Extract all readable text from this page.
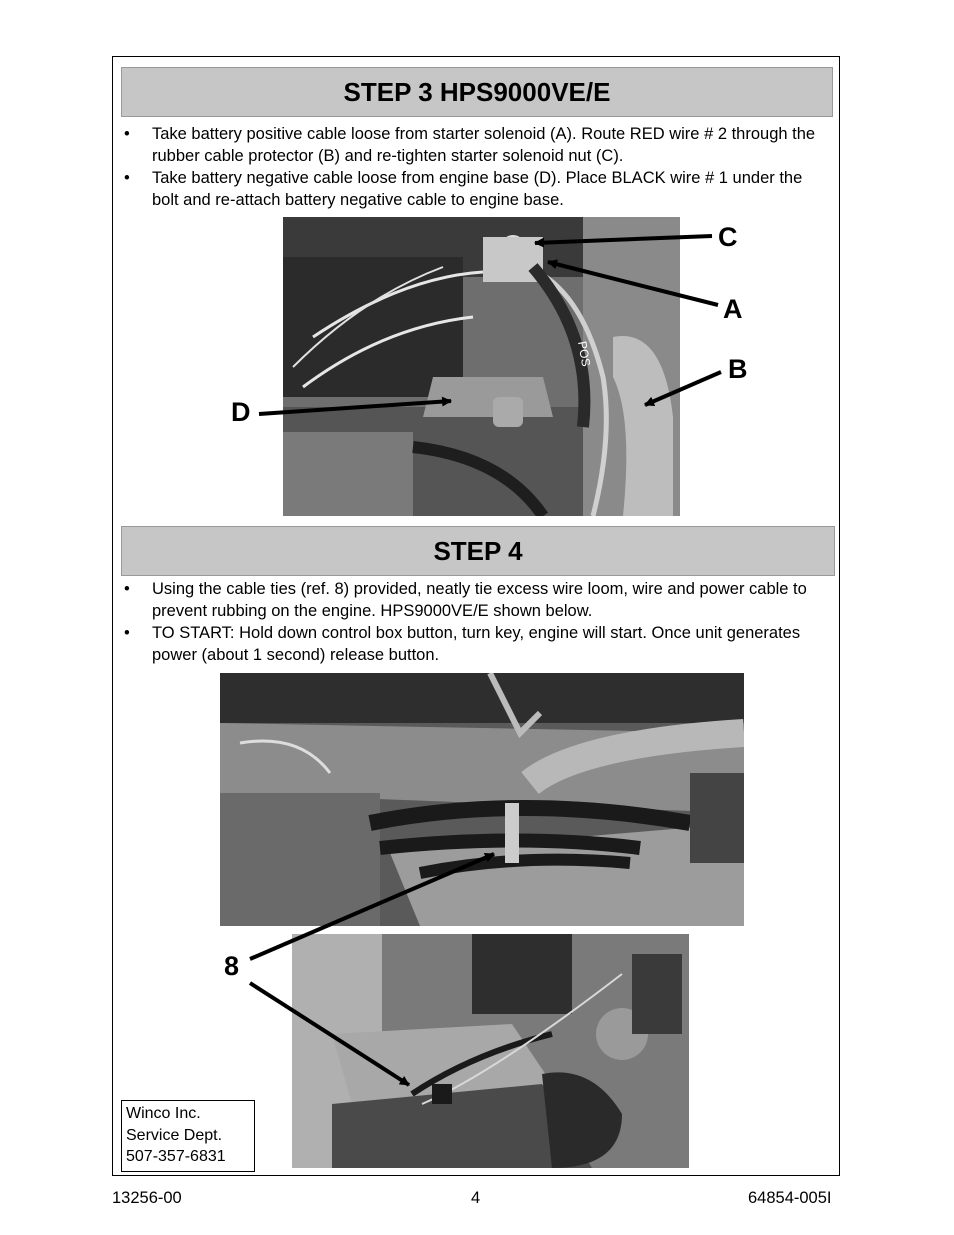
STEP 3 HPS9000VE/E
• Take battery positive cable loose from starter solenoid (A). Route RED wire # 2 through the rubber cable protector (B) and re-tighten starter solenoid nut (C).
• Take battery negative cable loose from engine base (D). Place BLACK wire # 1 under the bolt and re-attach battery negative cable to engine base.
POS
C
A
B
D
STEP 4
• Using the cable ties (ref. 8) provided, neatly tie excess wire loom, wire and power cable to prevent rubbing on the engine. HPS9000VE/E shown below.
• TO START: Hold down control box button, turn key, engine will start. Once unit generates power (about 1 second) release button.
8
Winco Inc.
Service Dept.
507-357-6831
13256-00	4	64854-005I
